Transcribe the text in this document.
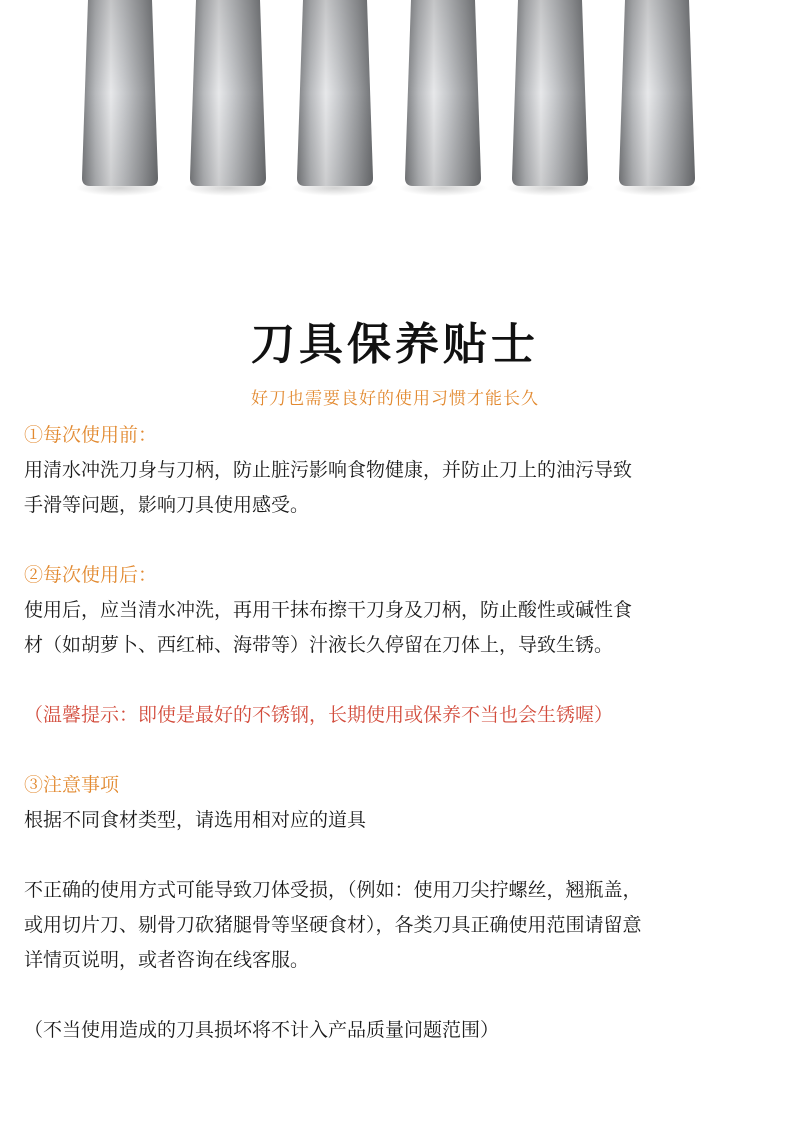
刀具保养贴士
好刀也需要良好的使用习惯才能长久
①每次使用前：
用清水冲洗刀身与刀柄，防止脏污影响食物健康，并防止刀上的油污导致
手滑等问题，影响刀具使用感受。
②每次使用后：
使用后，应当清水冲洗，再用干抹布擦干刀身及刀柄，防止酸性或碱性食
材（如胡萝卜、西红柿、海带等）汁液长久停留在刀体上，导致生锈。
（温馨提示：即使是最好的不锈钢，长期使用或保养不当也会生锈喔）
③注意事项
根据不同食材类型，请选用相对应的道具
不正确的使用方式可能导致刀体受损，（例如：使用刀尖拧螺丝，翘瓶盖，
或用切片刀、剔骨刀砍猪腿骨等坚硬食材），各类刀具正确使用范围请留意
详情页说明，或者咨询在线客服。
（不当使用造成的刀具损坏将不计入产品质量问题范围）
